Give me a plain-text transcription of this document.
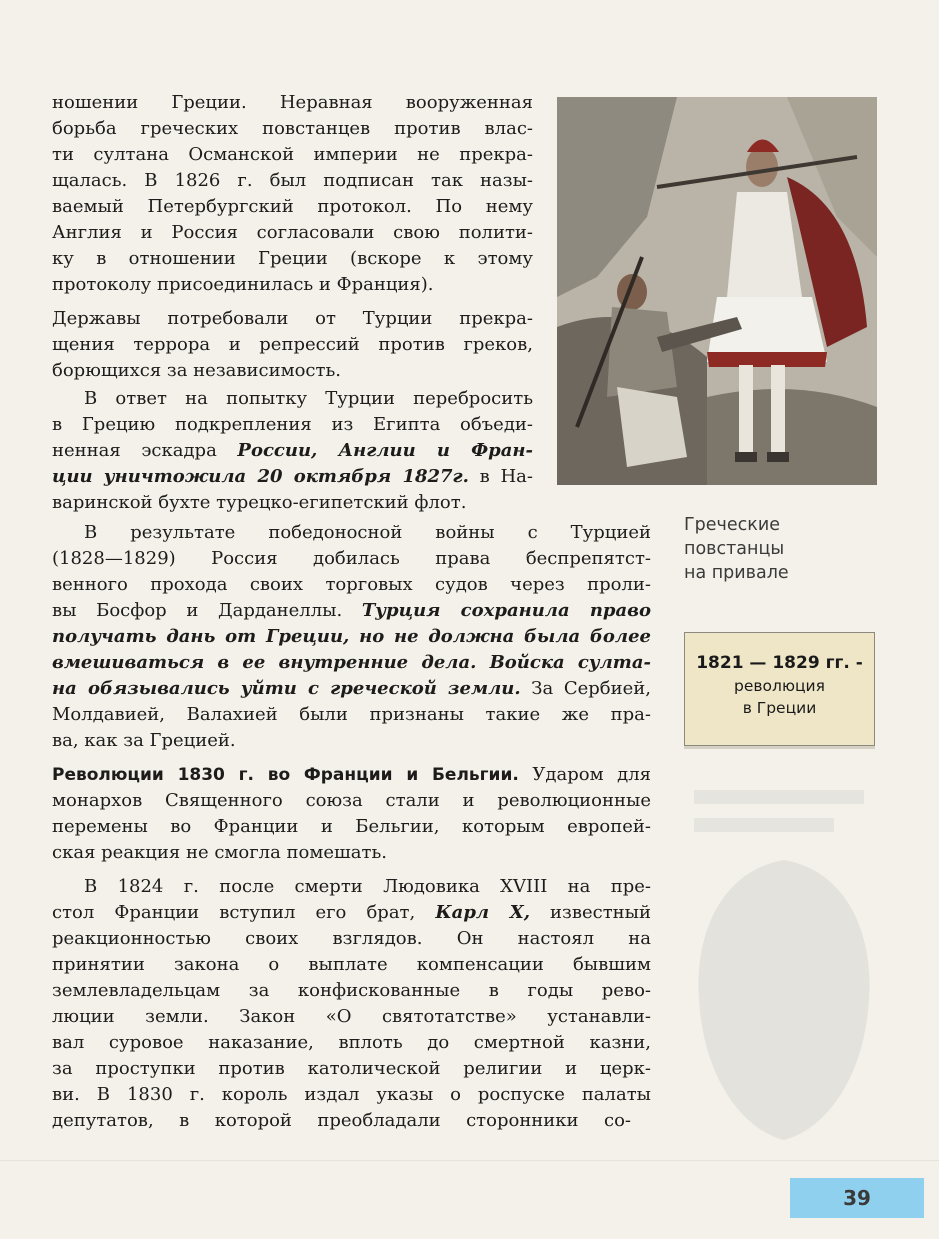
Греческие
повстанцы
на привале
1821 — 1829 гг. -
революция
в Греции

ношении Греции. Неравная вооруженная

борьба греческих повстанцев против влас-

ти султана Османской империи не прекра-

щалась. В 1826 г. был подписан так назы-

ваемый Петербургский протокол. По нему

Англия и Россия согласовали свою полити-

ку в отношении Греции (вскоре к этому

протоколу присоединилась и Франция).

Державы потребовали от Турции прекра-

щения террора и репрессий против греков,

борющихся за независимость.

В ответ на попытку Турции перебросить

в Грецию подкрепления из Египта объеди-

ненная эскадра России, Англии и Фран-

ции уничтожила 20 октября 1827г. в На-

варинской бухте турецко-египетский флот.

В результате победоносной войны с Турцией

(1828—1829) Россия добилась права беспрепятст-

венного прохода своих торговых судов через проли-

вы Босфор и Дарданеллы. Турция сохранила право

получать дань от Греции, но не должна была более

вмешиваться в ее внутренние дела. Войска султа-

на обязывались уйти с греческой земли. За Сербией,

Молдавией, Валахией были признаны такие же пра-

ва, как за Грецией.

Революции 1830 г. во Франции и Бельгии. Ударом для

монархов Священного союза стали и революционные

перемены во Франции и Бельгии, которым европей-

ская реакция не смогла помешать.

В 1824 г. после смерти Людовика XVIII на пре-

стол Франции вступил его брат, Карл X, известный

реакционностью своих взглядов. Он настоял на

принятии закона о выплате компенсации бывшим

землевладельцам за конфискованные в годы рево-

люции земли. Закон «О святотатстве» устанавли-

вал суровое наказание, вплоть до смертной казни,

за проступки против католической религии и церк-

ви. В 1830 г. король издал указы о роспуске палаты

депутатов, в которой преобладали сторонники со-

39
